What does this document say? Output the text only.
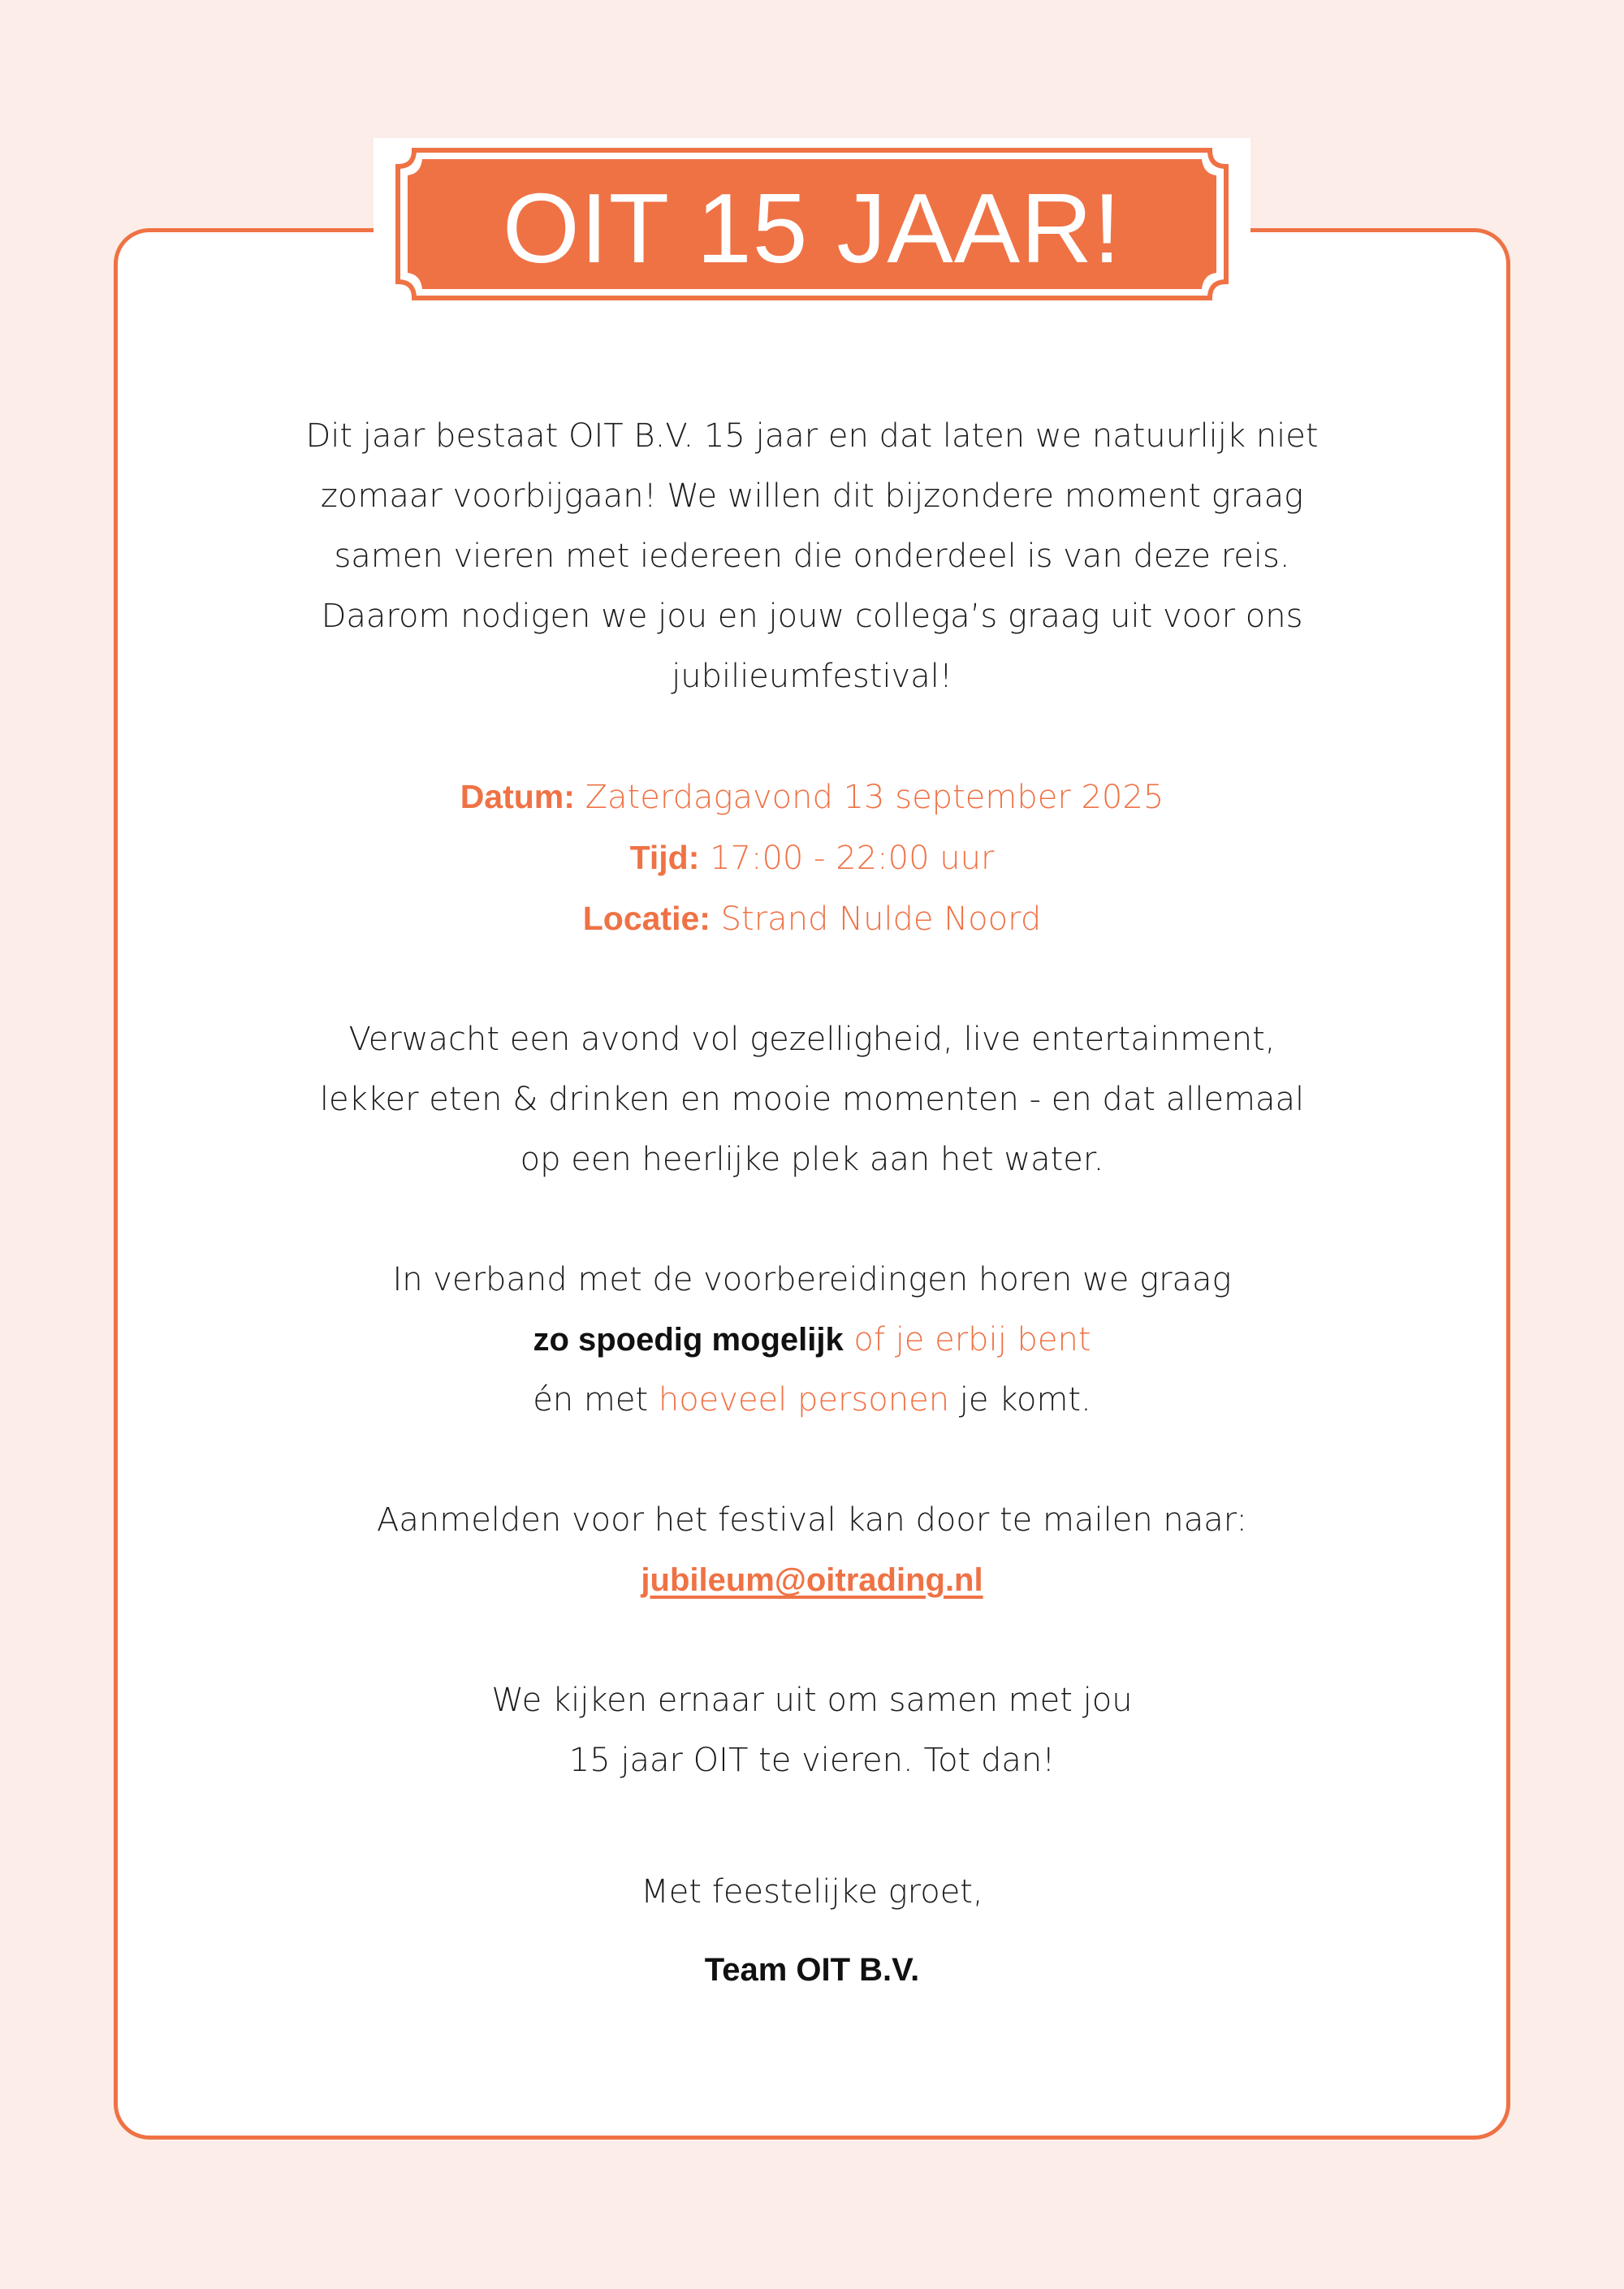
OIT 15 JAAR!

Dit jaar bestaat OIT B.V. 15 jaar en dat laten we natuurlijk niet

zomaar voorbijgaan! We willen dit bijzondere moment graag

samen vieren met iedereen die onderdeel is van deze reis.

Daarom nodigen we jou en jouw collega’s graag uit voor ons

jubilieumfestival!

Datum: Zaterdagavond 13 september 2025

Tijd: 17:00 - 22:00 uur

Locatie: Strand Nulde Noord

Verwacht een avond vol gezelligheid, live entertainment,

lekker eten & drinken en mooie momenten - en dat allemaal

op een heerlijke plek aan het water.

In verband met de voorbereidingen horen we graag

zo spoedig mogelijk of je erbij bent

én met hoeveel personen je komt.

Aanmelden voor het festival kan door te mailen naar:

jubileum@oitrading.nl

We kijken ernaar uit om samen met jou

15 jaar OIT te vieren. Tot dan!

Met feestelijke groet,

Team OIT B.V.
